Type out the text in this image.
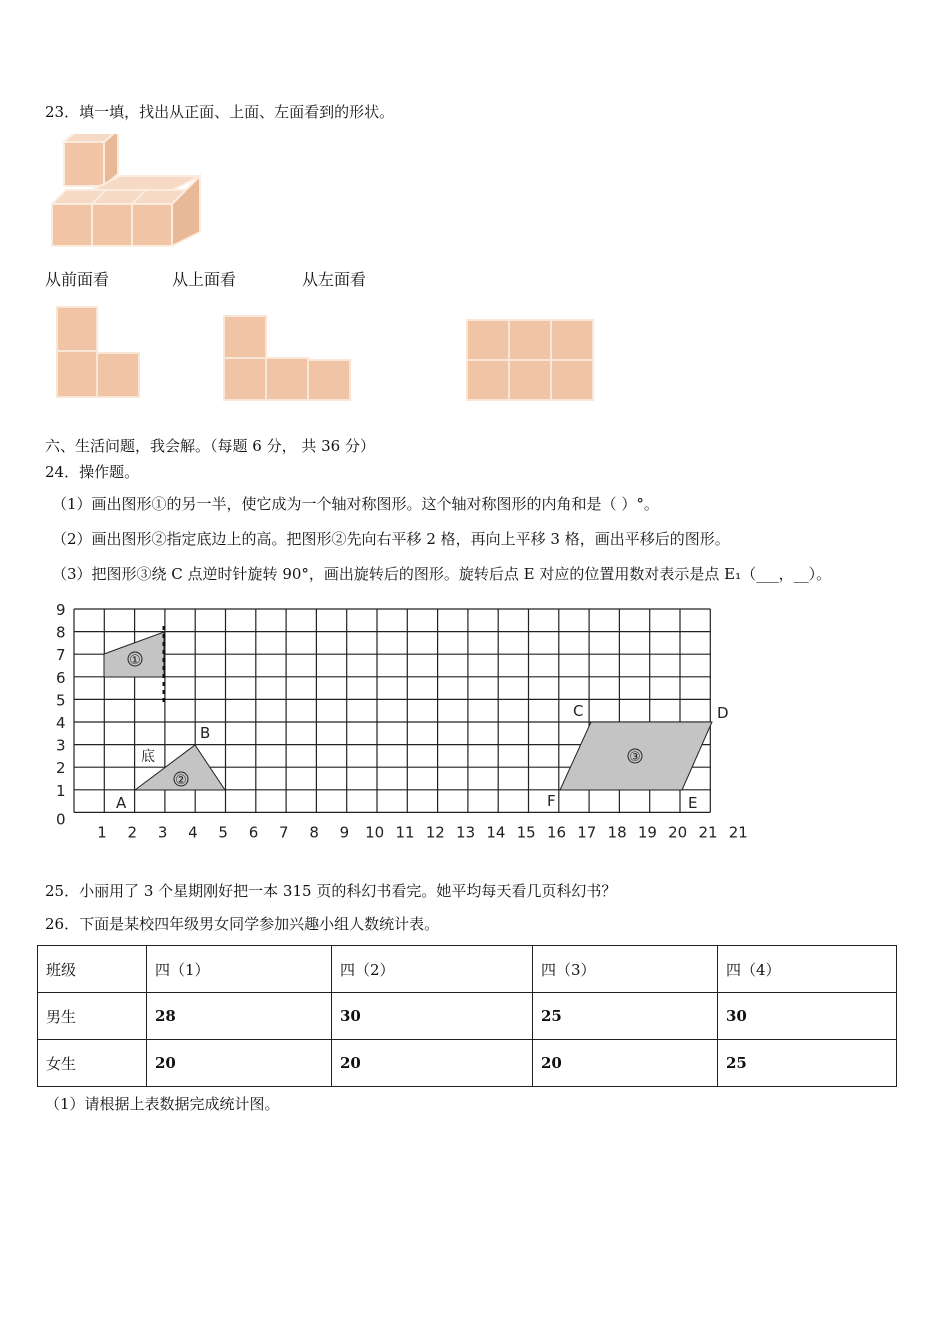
23．填一填，找出从正面、上面、左面看到的形状。
从前面看	从上面看	从左面看
六、生活问题，我会解。（每题 6 分， 共 36 分）
24．操作题。
（1）画出图形①的另一半，使它成为一个轴对称图形。这个轴对称图形的内角和是（ ）°。
（2）画出图形②指定底边上的高。把图形②先向右平移 2 格，再向上平移 3 格，画出平移后的图形。
（3）把图形③绕 C 点逆时针旋转 90°，画出旋转后的图形。旋转后点 E 对应的位置用数对表示是点 E₁（___，__）。
0
1
2
3
4
5
6
7
8
9
1 2 3 4 5 6 7 8 9 10 11 12 13 14 15 16 17 18 19 20 21 21
①
②
底
A
B
③
C	D
F	E
25．小丽用了 3 个星期刚好把一本 315 页的科幻书看完。她平均每天看几页科幻书？
26．下面是某校四年级男女同学参加兴趣小组人数统计表。
班级	四（1）	四（2）	四（3）	四（4）
男生	28	30	25	30
女生	20	20	20	25
（1）请根据上表数据完成统计图。
